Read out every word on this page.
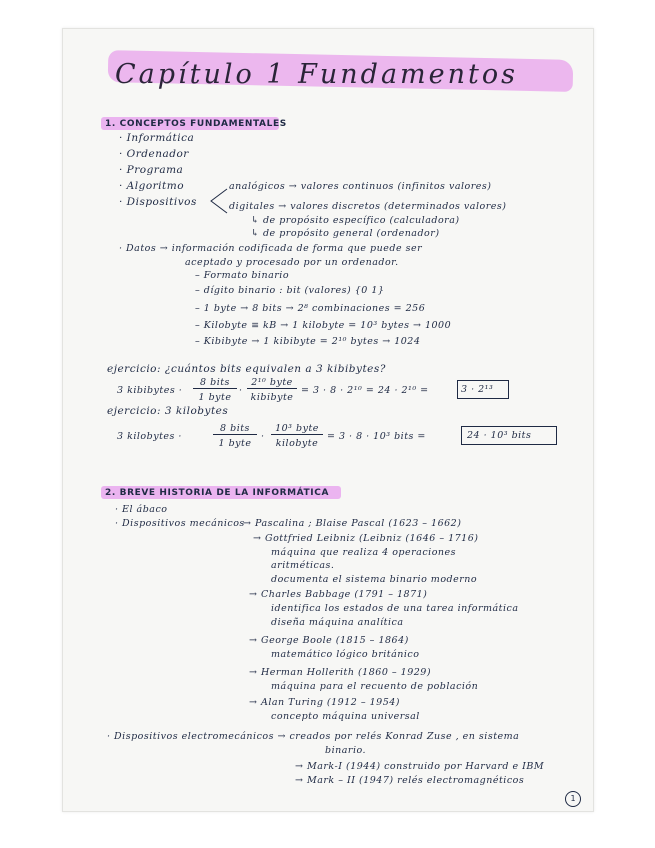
Capítulo 1 Fundamentos
1. CONCEPTOS FUNDAMENTALES
· Informática
· Ordenador
· Programa
· Algoritmo
· Dispositivos
analógicos → valores continuos (infinitos valores)
digitales → valores discretos (determinados valores)
↳ de propósito específico (calculadora)
↳ de propósito general (ordenador)
· Datos → información codificada de forma que puede ser
aceptado y procesado por un ordenador.
– Formato binario
– dígito binario : bit (valores) {0 1}
– 1 byte → 8 bits → 2⁸ combinaciones = 256
– Kilobyte ≡ kB → 1 kilobyte = 10³ bytes → 1000
– Kibibyte → 1 kibibyte = 2¹⁰ bytes → 1024
ejercicio: ¿cuántos bits equivalen a 3 kibibytes?
3 kibibytes ·
8 bits
1 byte
·
2¹⁰ byte
kibibyte
= 3 · 8 · 2¹⁰ = 24 · 2¹⁰ =	3 · 2¹³
ejercicio: 3 kilobytes
3 kilobytes ·
8 bits
1 byte
·
10³ byte
kilobyte
= 3 · 8 · 10³ bits =	24 · 10³ bits
2. BREVE HISTORIA DE LA INFORMÁTICA
· El ábaco
· Dispositivos mecánicos
→ Pascalina ; Blaise Pascal (1623 – 1662)
→ Gottfried Leibniz (Leibniz (1646 – 1716)
máquina que realiza 4 operaciones
aritméticas.
documenta el sistema binario moderno
→ Charles Babbage (1791 – 1871)
identifica los estados de una tarea informática
diseña máquina analítica
→ George Boole (1815 – 1864)
matemático lógico británico
→ Herman Hollerith (1860 – 1929)
máquina para el recuento de población
→ Alan Turing (1912 – 1954)
concepto máquina universal
· Dispositivos electromecánicos → creados por relés Konrad Zuse , en sistema
binario.
→ Mark-I (1944) construido por Harvard e IBM
→ Mark – II (1947) relés electromagnéticos
1
